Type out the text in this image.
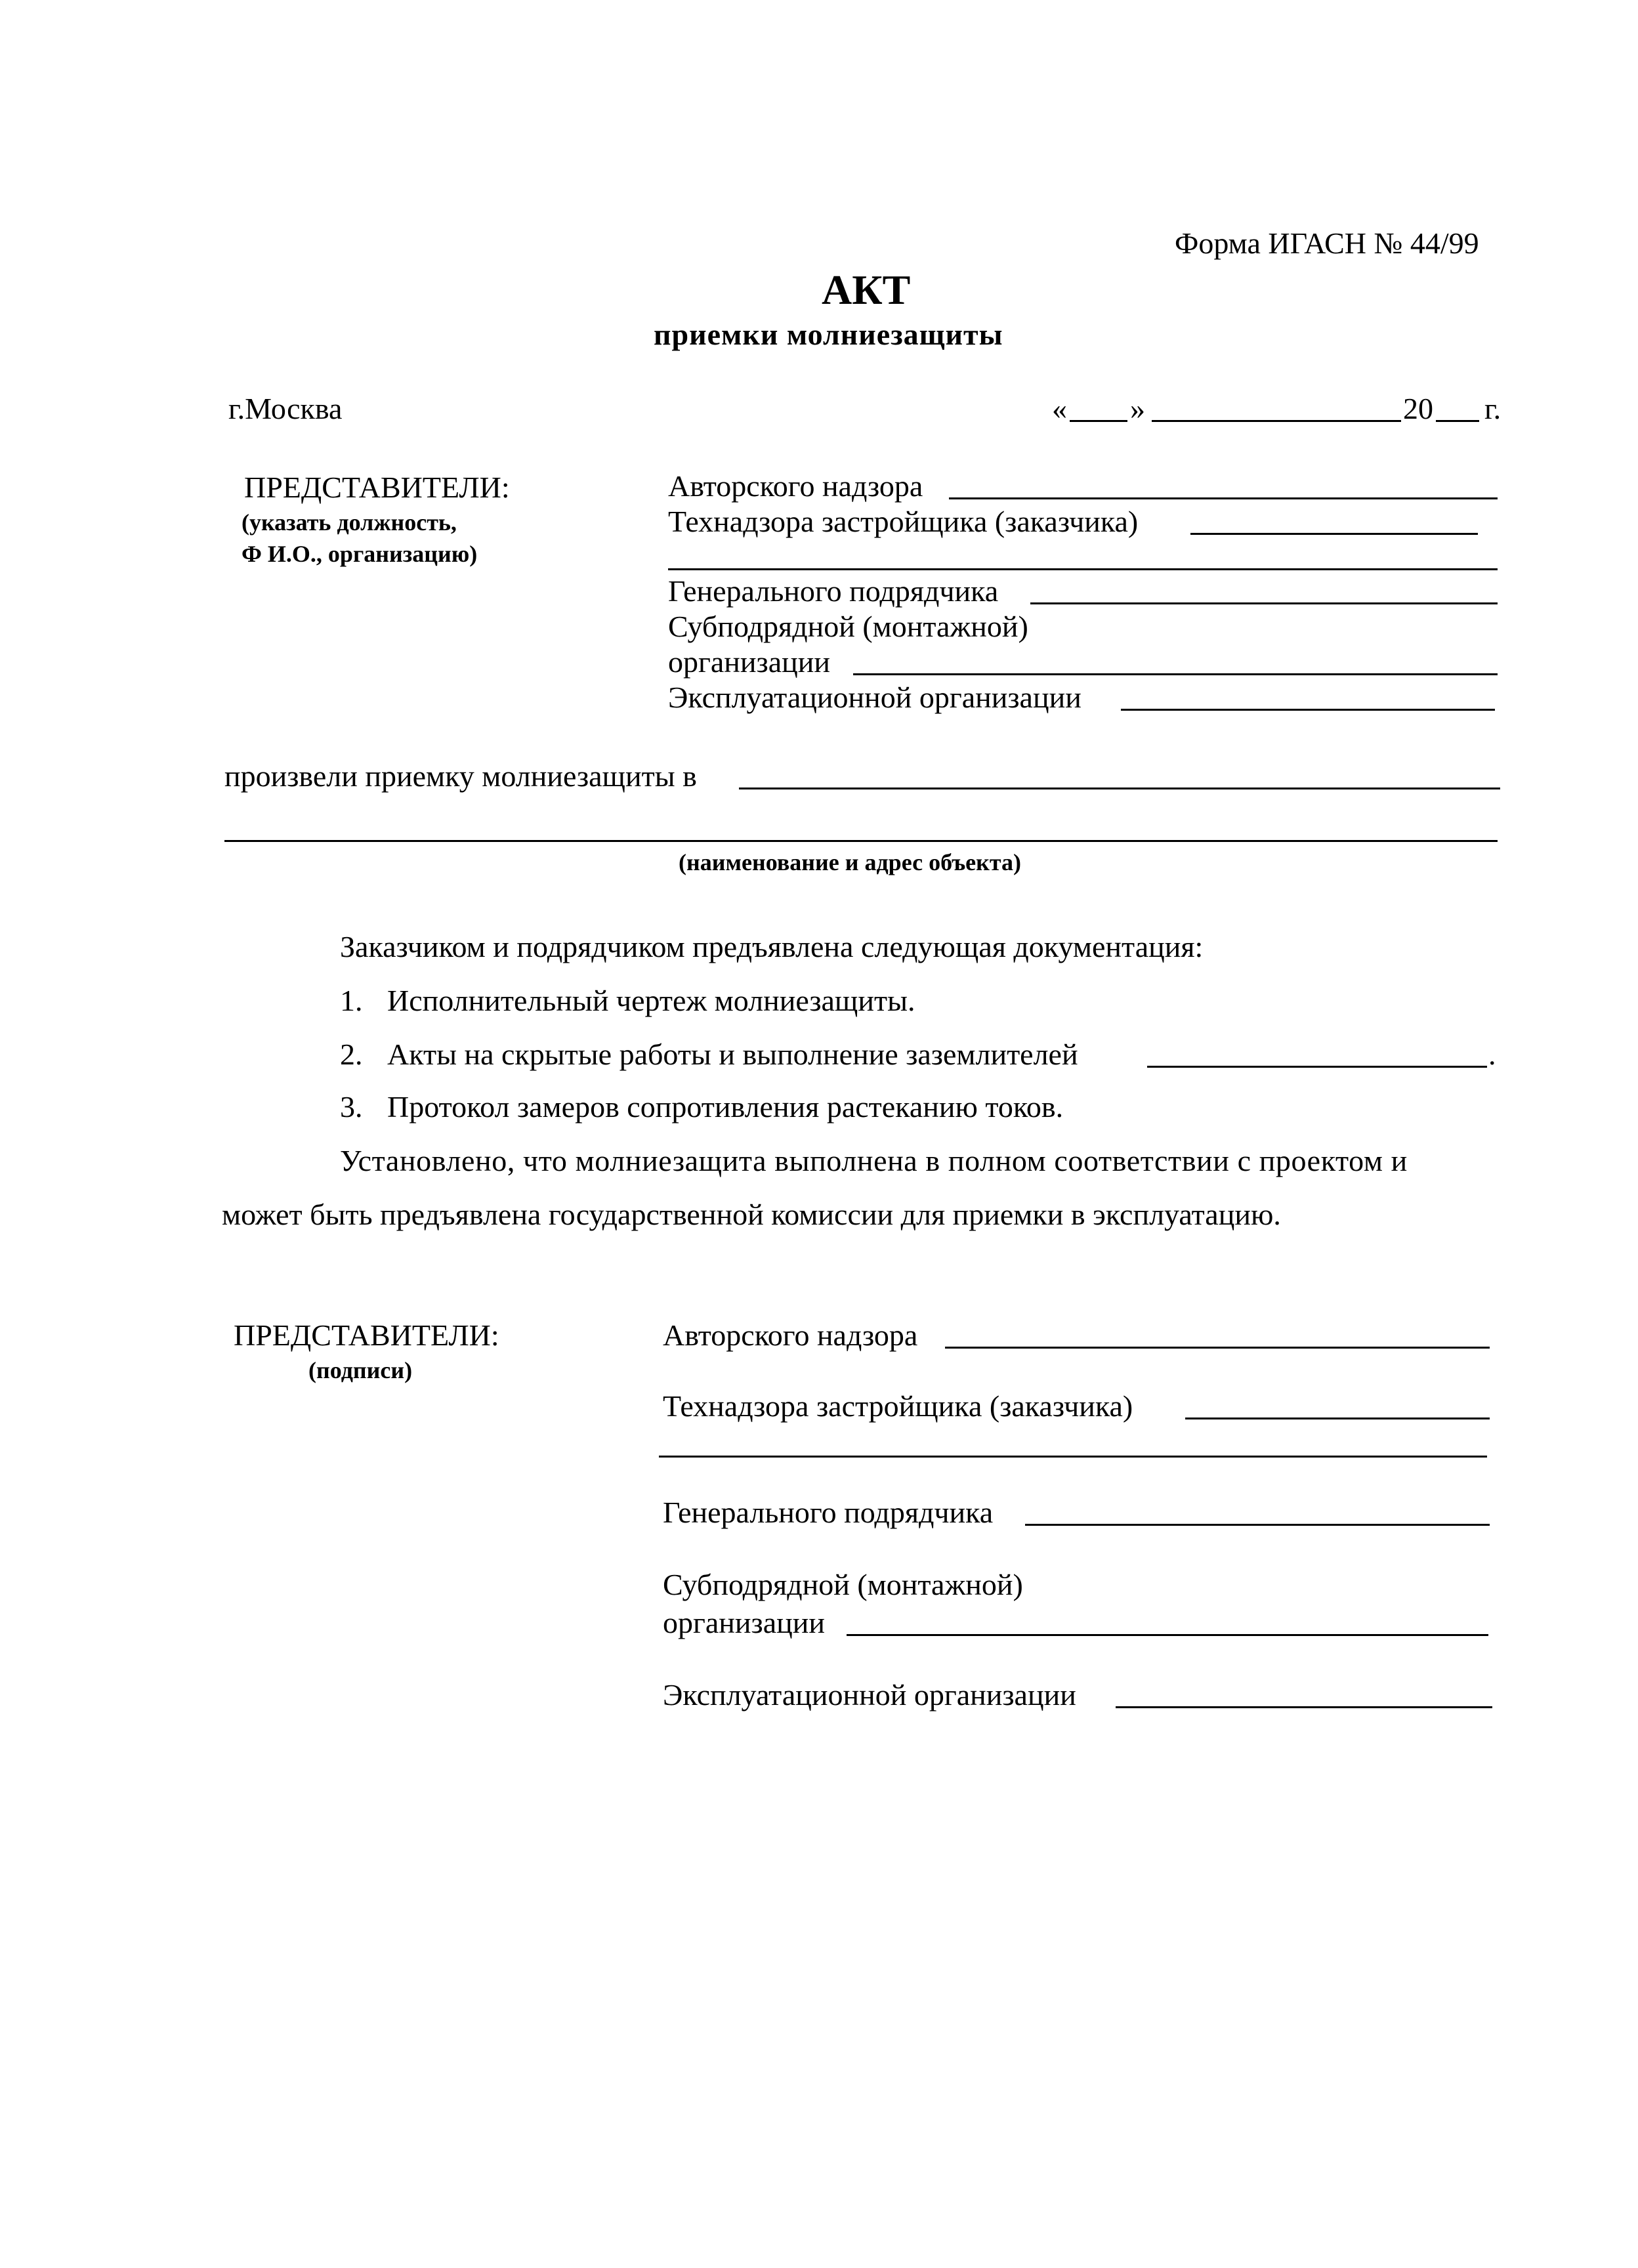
Форма ИГАСН № 44/99
АКТ
приемки молниезащиты
г.Москва	« »	20 г.
ПРЕДСТАВИТЕЛИ:
(указать должность,
Ф И.О., организацию)
Авторского надзора
Технадзора застройщика (заказчика)
Генерального подрядчика
Субподрядной (монтажной)
организации
Эксплуатационной организации
произвели приемку молниезащиты в
(наименование и адрес объекта)
Заказчиком и подрядчиком предъявлена следующая документация:
1. Исполнительный чертеж молниезащиты.
2. Акты на скрытые работы и выполнение заземлителей	.
3. Протокол замеров сопротивления растеканию токов.
Установлено, что молниезащита выполнена в полном соответствии с проектом и
может быть предъявлена государственной комиссии для приемки в эксплуатацию.
ПРЕДСТАВИТЕЛИ:
(подписи)
Авторского надзора
Технадзора застройщика (заказчика)
Генерального подрядчика
Субподрядной (монтажной)
организации
Эксплуатационной организации
